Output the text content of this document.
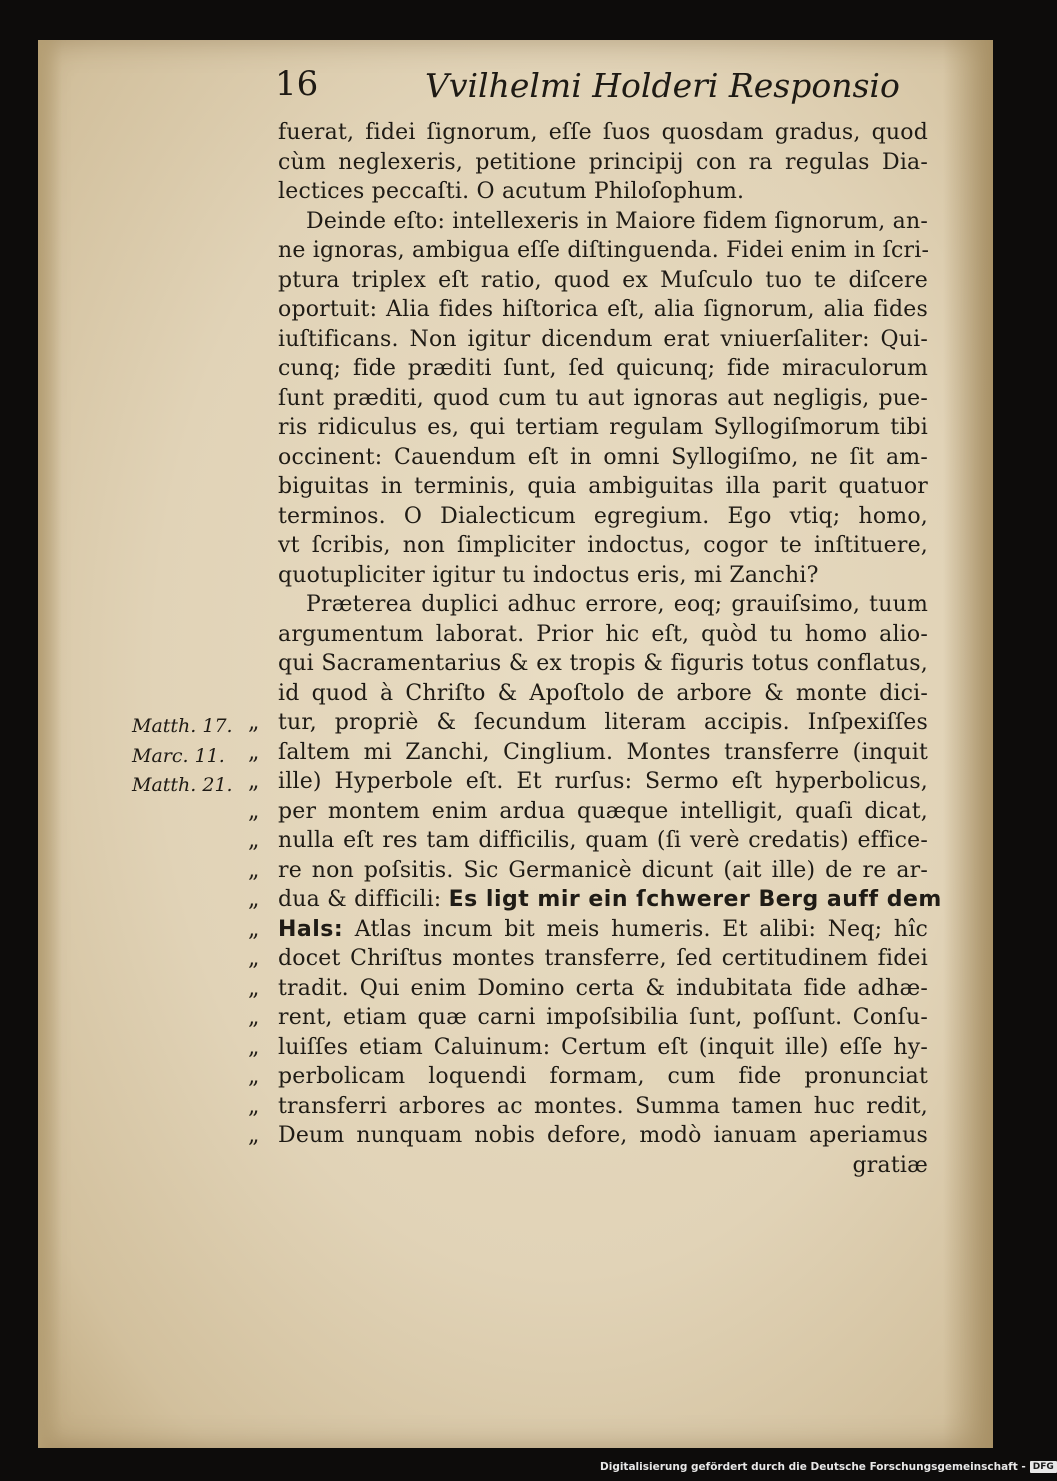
16	Vvilhelmi Holderi Responsio
„
„
„
„
„
„
„
„
„
„
„
„
„
„
„
Matth. 17.
Marc. 11.
Matth. 21.
fuerat, fidei ſignorum, eſſe ſuos quosdam gradus, quod
cùm neglexeris, petitione principij con ra regulas Dia-
lectices peccaſti. O acutum Philoſophum.
Deinde eſto: intellexeris in Maiore fidem ſignorum, an-
ne ignoras, ambigua eſſe diſtinguenda. Fidei enim in ſcri-
ptura triplex eſt ratio, quod ex Muſculo tuo te diſcere
oportuit: Alia fides hiſtorica eſt, alia ſignorum, alia fides
iuſtificans. Non igitur dicendum erat vniuerſaliter: Qui-
cunq; fide præditi ſunt, ſed quicunq; fide miraculorum
ſunt præditi, quod cum tu aut ignoras aut negligis, pue-
ris ridiculus es, qui tertiam regulam Syllogiſmorum tibi
occinent: Cauendum eſt in omni Syllogiſmo, ne ſit am-
biguitas in terminis, quia ambiguitas illa parit quatuor
terminos. O Dialecticum egregium. Ego vtiq; homo,
vt ſcribis, non ſimpliciter indoctus, cogor te inſtituere,
quotupliciter igitur tu indoctus eris, mi Zanchi?
Præterea duplici adhuc errore, eoq; grauiſsimo, tuum
argumentum laborat. Prior hic eſt, quòd tu homo alio-
qui Sacramentarius & ex tropis & figuris totus conflatus,
id quod à Chriſto & Apoſtolo de arbore & monte dici-
tur, propriè & ſecundum literam accipis. Inſpexiſſes
ſaltem mi Zanchi, Cinglium. Montes transferre (inquit
ille) Hyperbole eſt. Et rurſus: Sermo eſt hyperbolicus,
per montem enim ardua quæque intelligit, quaſi dicat,
nulla eſt res tam difficilis, quam (ſi verè credatis) effice-
re non poſsitis. Sic Germanicè dicunt (ait ille) de re ar-
dua & difficili: Es ligt mir ein ſchwerer Berg auff dem
Hals: Atlas incum bit meis humeris. Et alibi: Neq; hîc
docet Chriſtus montes transferre, ſed certitudinem fidei
tradit. Qui enim Domino certa & indubitata fide adhæ-
rent, etiam quæ carni impoſsibilia ſunt, poſſunt. Conſu-
luiſſes etiam Caluinum: Certum eſt (inquit ille) eſſe hy-
perbolicam loquendi formam, cum fide pronunciat
transferri arbores ac montes. Summa tamen huc redit,
Deum nunquam nobis defore, modò ianuam aperiamus
gratiæ
Digitalisierung gefördert durch die Deutsche Forschungsgemeinschaft - DFG
